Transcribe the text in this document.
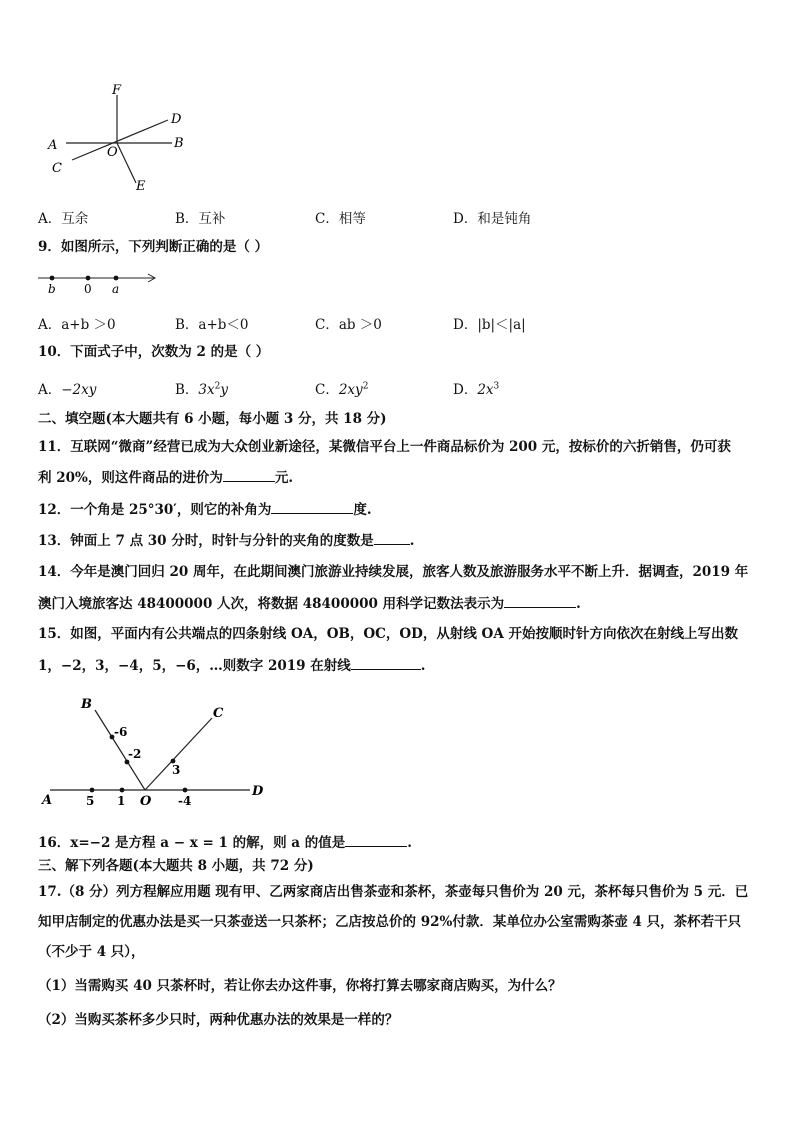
F
D
A	O
B
C
E
A．互余	B．互补	C．相等	D．和是钝角
9．如图所示，下列判断正确的是（ ）
b 0 a
A．a+b ＞0	B．a+b＜0	C．ab ＞0	D．|b|＜|a|
10．下面式子中，次数为 2 的是（ ）
A．−2xy	B．$3x^2y$	C．$2xy^2$	D．$2x^3$
二、填空题(本大题共有 6 小题，每小题 3 分，共 18 分)
11．互联网“微商”经营已成为大众创业新途径，某微信平台上一件商品标价为 200 元，按标价的六折销售，仍可获
利 20%，则这件商品的进价为	元.
12．一个角是 25°30′，则它的补角为	度.
13．钟面上 7 点 30 分时，时针与分针的夹角的度数是	.
14．今年是澳门回归 20 周年，在此期间澳门旅游业持续发展，旅客人数及旅游服务水平不断上升．据调查，2019 年
澳门入境旅客达 48400000 人次，将数据 48400000 用科学记数法表示为	.
15．如图，平面内有公共端点的四条射线 OA，OB，OC，OD，从射线 OA 开始按顺时针方向依次在射线上写出数
1，−2，3，−4，5，−6，…则数字 2019 在射线	.
B
C
A	O
D
-6
-2
3
5 1	-4
16．x=−2 是方程 a − x = 1 的解，则 a 的值是	.
三、解下列各题(本大题共 8 小题，共 72 分)
17.（8 分）列方程解应用题 现有甲、乙两家商店出售茶壶和茶杯，茶壶每只售价为 20 元，茶杯每只售价为 5 元．已
知甲店制定的优惠办法是买一只茶壶送一只茶杯；乙店按总价的 92%付款．某单位办公室需购茶壶 4 只，茶杯若干只
（不少于 4 只），
（1）当需购买 40 只茶杯时，若让你去办这件事，你将打算去哪家商店购买，为什么？
（2）当购买茶杯多少只时，两种优惠办法的效果是一样的？
